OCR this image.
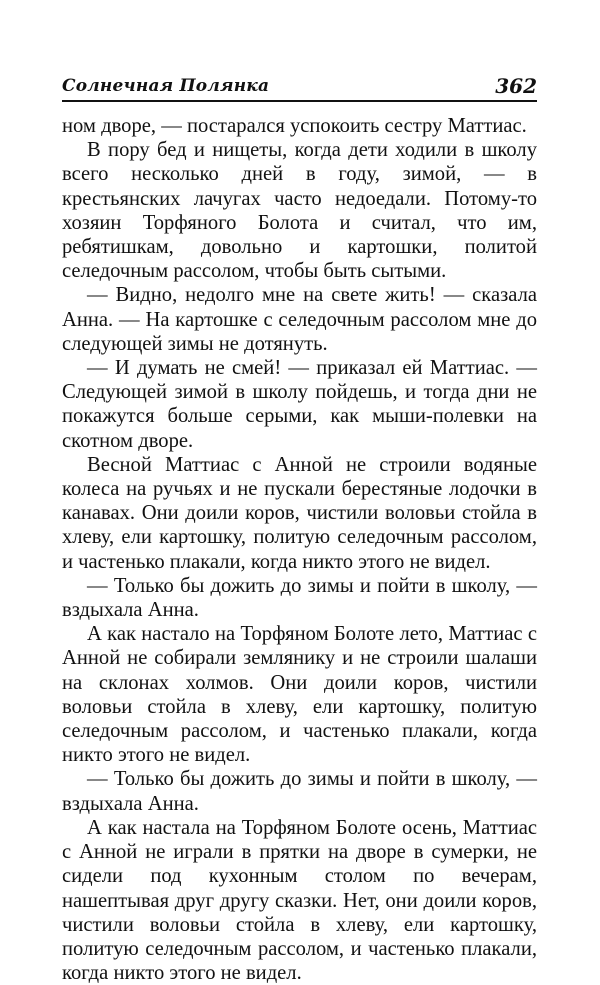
Солнечная Полянка	362

ном дворе, — постарался успокоить сестру Маттиас.

В пору бед и нищеты, когда дети ходили в школу всего несколько дней в году, зимой, — в крестьянских лачугах часто недоедали. Потому-то хозяин Торфяного Болота и считал, что им, ребятишкам, довольно и картошки, политой селедочным рассолом, чтобы быть сытыми.

— Видно, недолго мне на свете жить! — сказала Анна. — На картошке с селедочным рассолом мне до следующей зимы не дотянуть.

— И думать не смей! — приказал ей Маттиас. — Следующей зимой в школу пойдешь, и тогда дни не покажутся больше серыми, как мыши-полевки на скотном дворе.

Весной Маттиас с Анной не строили водяные колеса на ручьях и не пускали берестяные лодочки в канавах. Они доили коров, чистили воловьи стойла в хлеву, ели картошку, политую селедочным рассолом, и частенько плакали, когда никто этого не видел.

— Только бы дожить до зимы и пойти в школу, — вздыхала Анна.

А как настало на Торфяном Болоте лето, Маттиас с Анной не собирали землянику и не строили шалаши на склонах холмов. Они доили коров, чистили воловьи стойла в хлеву, ели картошку, политую селедочным рассолом, и частенько плакали, когда никто этого не видел.

— Только бы дожить до зимы и пойти в школу, — вздыхала Анна.

А как настала на Торфяном Болоте осень, Маттиас с Анной не играли в прятки на дворе в сумерки, не сидели под кухонным столом по вечерам, нашептывая друг другу сказки. Нет, они доили коров, чистили воловьи стойла в хлеву, ели картошку, политую селедочным рассолом, и частенько плакали, когда никто этого не видел.
